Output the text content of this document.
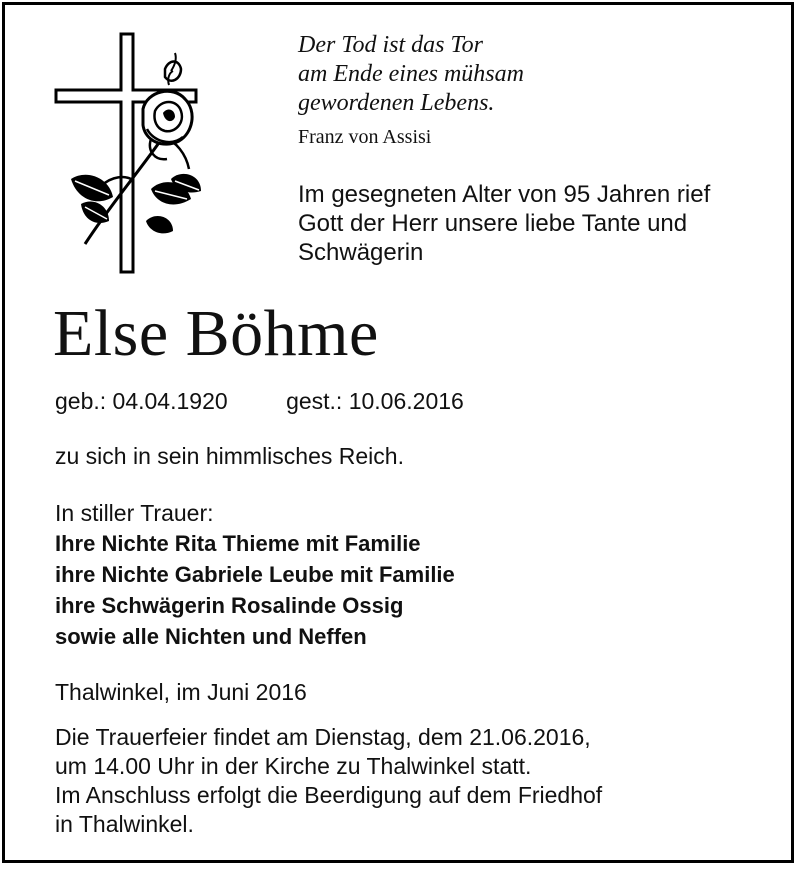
Der Tod ist das Tor
am Ende eines mühsam
gewordenen Lebens.
Franz von Assisi
Im gesegneten Alter von 95 Jahren rief
Gott der Herr unsere liebe Tante und
Schwägerin
Else Böhme
geb.: 04.04.1920	gest.: 10.06.2016
zu sich in sein himmlisches Reich.
In stiller Trauer:
Ihre Nichte Rita Thieme mit Familie
ihre Nichte Gabriele Leube mit Familie
ihre Schwägerin Rosalinde Ossig
sowie alle Nichten und Neffen
Thalwinkel, im Juni 2016
Die Trauerfeier findet am Dienstag, dem 21.06.2016,
um 14.00 Uhr in der Kirche zu Thalwinkel statt.
Im Anschluss erfolgt die Beerdigung auf dem Friedhof
in Thalwinkel.
